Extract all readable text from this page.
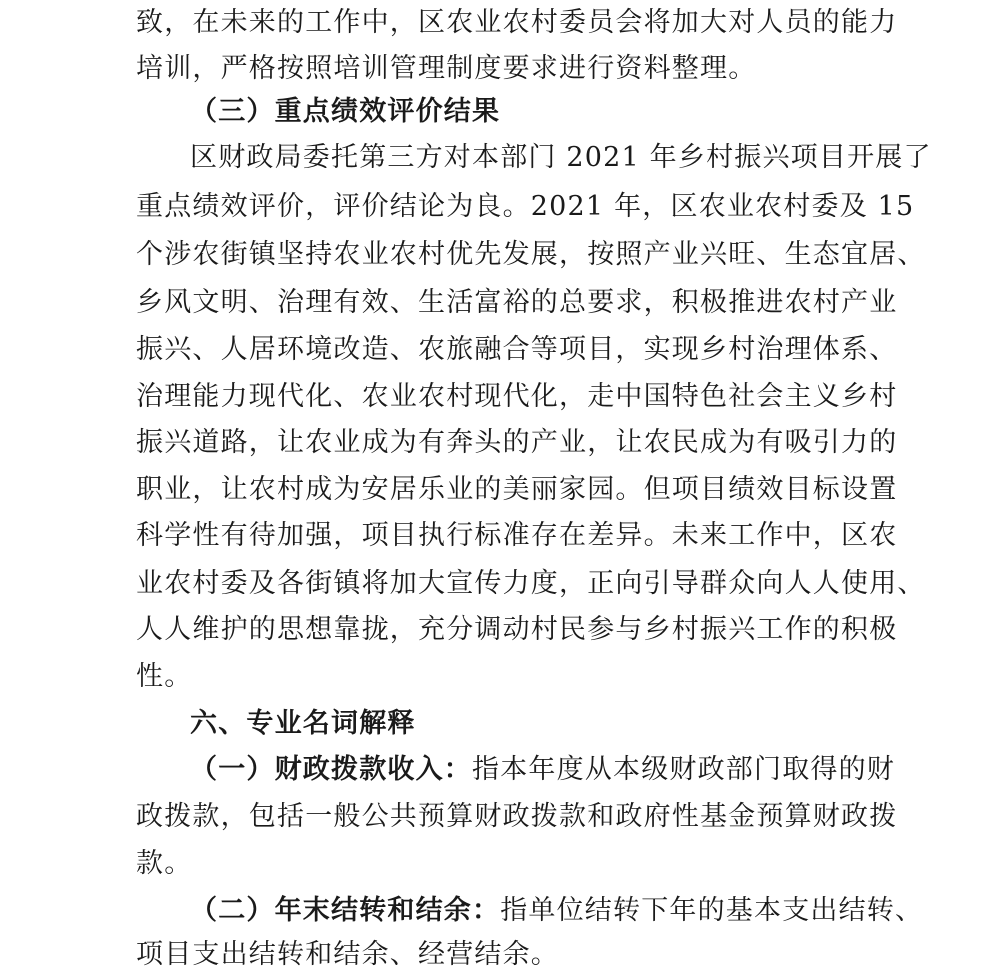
致，在未来的工作中，区农业农村委员会将加大对人员的能力
培训，严格按照培训管理制度要求进行资料整理。
（三）重点绩效评价结果
区财政局委托第三方对本部门 2021 年乡村振兴项目开展了
重点绩效评价，评价结论为良。2021 年，区农业农村委及 15
个涉农街镇坚持农业农村优先发展，按照产业兴旺、生态宜居、
乡风文明、治理有效、生活富裕的总要求，积极推进农村产业
振兴、人居环境改造、农旅融合等项目，实现乡村治理体系、
治理能力现代化、农业农村现代化，走中国特色社会主义乡村
振兴道路，让农业成为有奔头的产业，让农民成为有吸引力的
职业，让农村成为安居乐业的美丽家园。但项目绩效目标设置
科学性有待加强，项目执行标准存在差异。未来工作中，区农
业农村委及各街镇将加大宣传力度，正向引导群众向人人使用、
人人维护的思想靠拢，充分调动村民参与乡村振兴工作的积极
性。
六、专业名词解释
（一）财政拨款收入：指本年度从本级财政部门取得的财
政拨款，包括一般公共预算财政拨款和政府性基金预算财政拨
款。
（二）年末结转和结余：指单位结转下年的基本支出结转、
项目支出结转和结余、经营结余。
